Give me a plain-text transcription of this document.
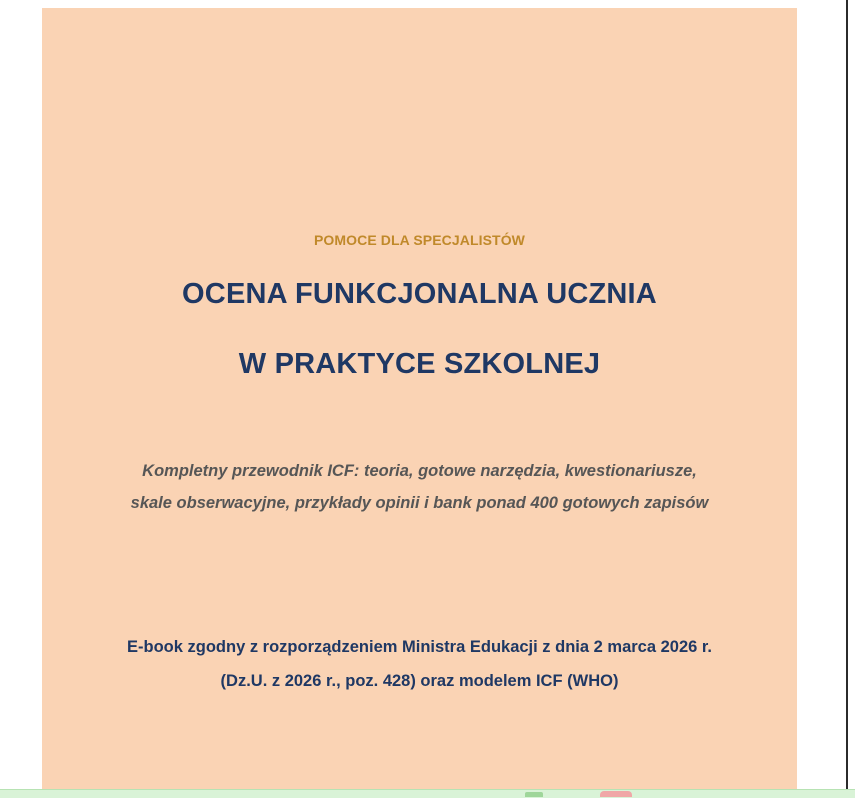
POMOCE DLA SPECJALISTÓW
OCENA FUNKCJONALNA UCZNIA
W PRAKTYCE SZKOLNEJ
Kompletny przewodnik ICF: teoria, gotowe narzędzia, kwestionariusze,
skale obserwacyjne, przykłady opinii i bank ponad 400 gotowych zapisów
E-book zgodny z rozporządzeniem Ministra Edukacji z dnia 2 marca 2026 r.
(Dz.U. z 2026 r., poz. 428) oraz modelem ICF (WHO)
